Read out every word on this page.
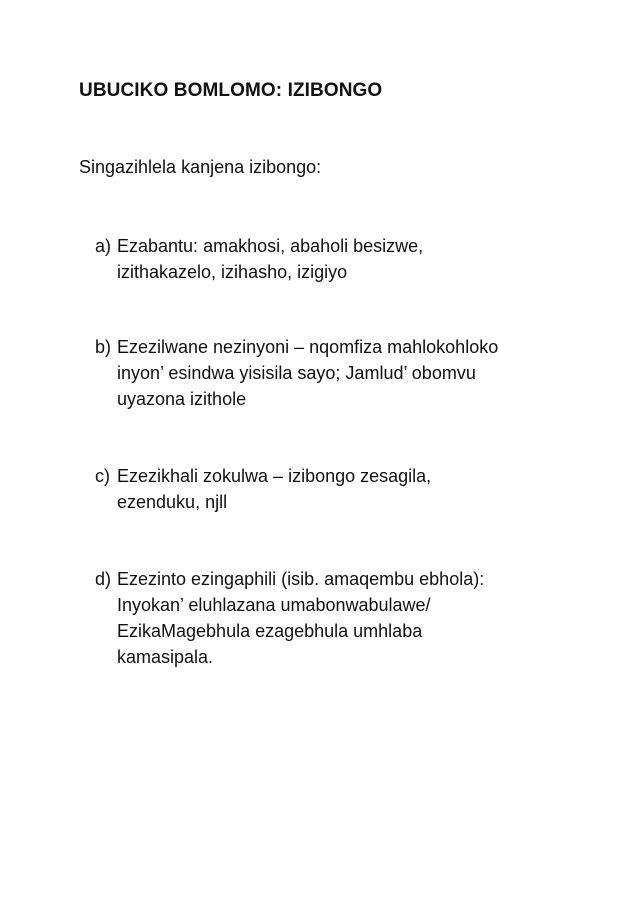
UBUCIKO BOMLOMO: IZIBONGO
Singazihlela kanjena izibongo:
a) Ezabantu: amakhosi, abaholi besizwe,
izithakazelo, izihasho, izigiyo
b) Ezezilwane nezinyoni – nqomfiza mahlokohloko
inyon’ esindwa yisisila sayo; Jamlud’ obomvu
uyazona izithole
c) Ezezikhali zokulwa – izibongo zesagila,
ezenduku, njll
d) Ezezinto ezingaphili (isib. amaqembu ebhola):
Inyokan’ eluhlazana umabonwabulawe/
EzikaMagebhula ezagebhula umhlaba
kamasipala.
